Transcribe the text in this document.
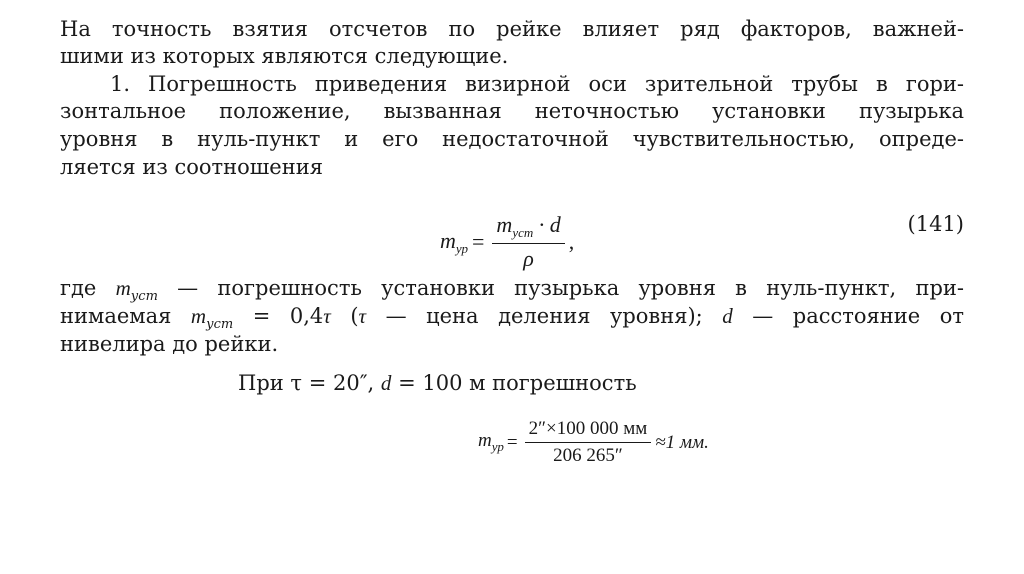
На точность взятия отсчетов по рейке влияет ряд факторов, важней-
шими из которых являются следующие.
1. Погрешность приведения визирной оси зрительной трубы в гори-
зонтальное положение, вызванная неточностью установки пузырька
уровня в нуль-пункт и его недостаточной чувствительностью, опреде-
ляется из соотношения
$m_{ур} = \frac{m_{уст} \cdot d}{\rho}$ ,
(141)
где $m_{уст}$ — погрешность установки пузырька уровня в нуль-пункт, при-
нимаемая $m_{уст} = 0,4\tau$ (τ — цена деления уровня); d — расстояние от
нивелира до рейки.
При τ = 20″, d = 100 м погрешность
$m_{ур} = \frac{2''\times 100 000 мм}{206 265''} \approx 1$ мм.
